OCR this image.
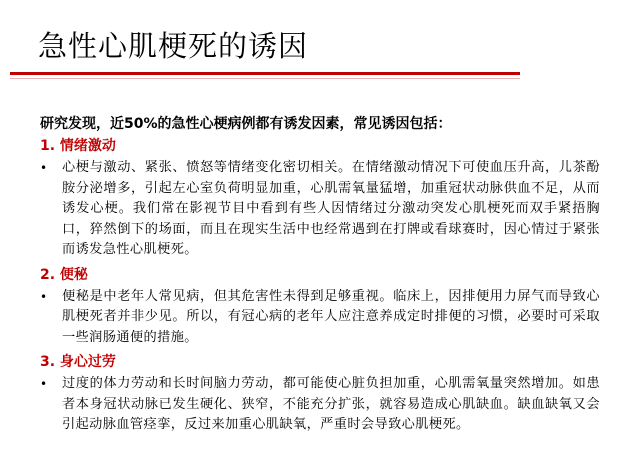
急性心肌梗死的诱因

研究发现，近50%的急性心梗病例都有诱发因素，常见诱因包括：

1. 情绪激动

• 心梗与激动、紧张、愤怒等情绪变化密切相关。在情绪激动情况下可使血压升高，儿茶酚胺分泌增多，引起左心室负荷明显加重，心肌需氧量猛增，加重冠状动脉供血不足，从而诱发心梗。我们常在影视节目中看到有些人因情绪过分激动突发心肌梗死而双手紧捂胸口，猝然倒下的场面，而且在现实生活中也经常遇到在打牌或看球赛时，因心情过于紧张而诱发急性心肌梗死。

2. 便秘

• 便秘是中老年人常见病，但其危害性未得到足够重视。临床上，因排便用力屏气而导致心肌梗死者并非少见。所以，有冠心病的老年人应注意养成定时排便的习惯，必要时可采取一些润肠通便的措施。

3. 身心过劳

• 过度的体力劳动和长时间脑力劳动，都可能使心脏负担加重，心肌需氧量突然增加。如患者本身冠状动脉已发生硬化、狭窄，不能充分扩张，就容易造成心肌缺血。缺血缺氧又会引起动脉血管痉挛，反过来加重心肌缺氧，严重时会导致心肌梗死。
